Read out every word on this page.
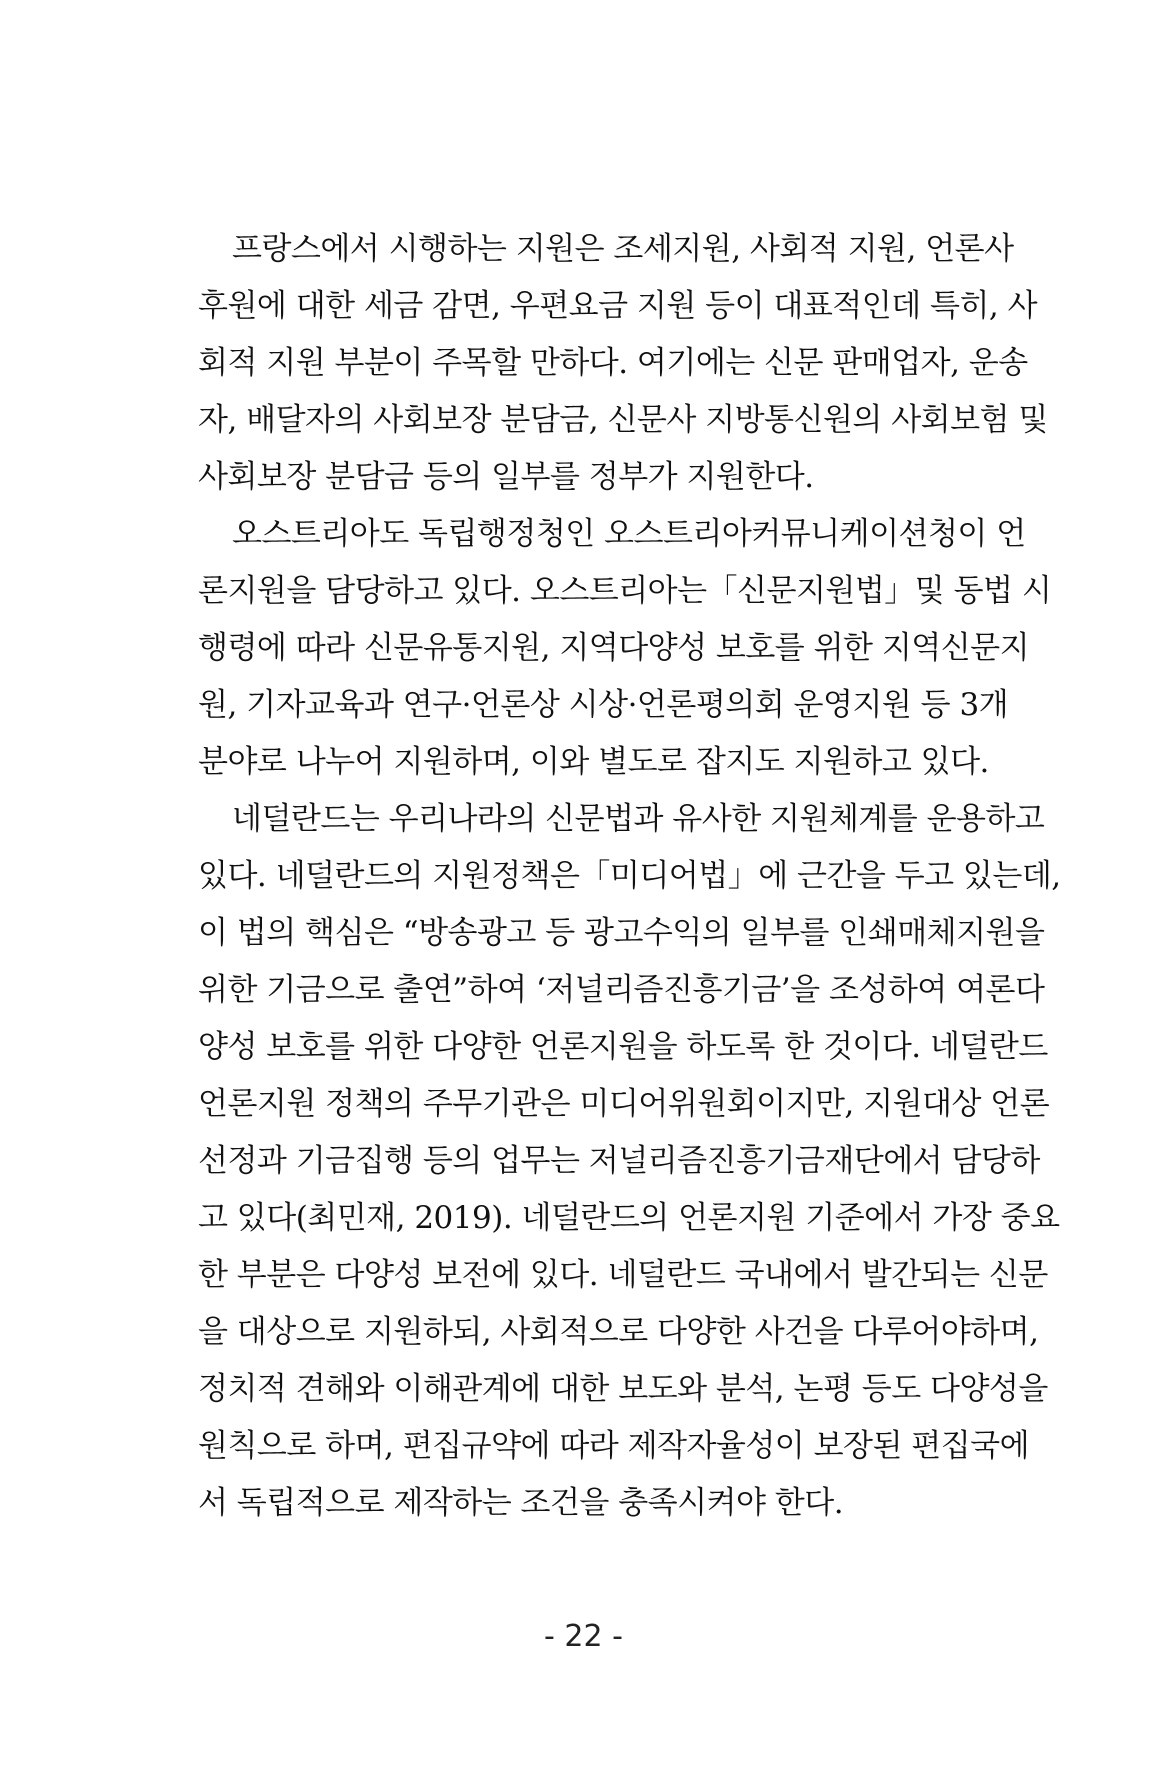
프랑스에서 시행하는 지원은 조세지원, 사회적 지원, 언론사
후원에 대한 세금 감면, 우편요금 지원 등이 대표적인데 특히, 사
회적 지원 부분이 주목할 만하다. 여기에는 신문 판매업자, 운송
자, 배달자의 사회보장 분담금, 신문사 지방통신원의 사회보험 및
사회보장 분담금 등의 일부를 정부가 지원한다.
오스트리아도 독립행정청인 오스트리아커뮤니케이션청이 언
론지원을 담당하고 있다. 오스트리아는「신문지원법」및 동법 시
행령에 따라 신문유통지원, 지역다양성 보호를 위한 지역신문지
원, 기자교육과 연구·언론상 시상·언론평의회 운영지원 등 3개
분야로 나누어 지원하며, 이와 별도로 잡지도 지원하고 있다.
네덜란드는 우리나라의 신문법과 유사한 지원체계를 운용하고
있다. 네덜란드의 지원정책은「미디어법」에 근간을 두고 있는데,
이 법의 핵심은 “방송광고 등 광고수익의 일부를 인쇄매체지원을
위한 기금으로 출연”하여 ‘저널리즘진흥기금’을 조성하여 여론다
양성 보호를 위한 다양한 언론지원을 하도록 한 것이다. 네덜란드
언론지원 정책의 주무기관은 미디어위원회이지만, 지원대상 언론
선정과 기금집행 등의 업무는 저널리즘진흥기금재단에서 담당하
고 있다(최민재, 2019). 네덜란드의 언론지원 기준에서 가장 중요
한 부분은 다양성 보전에 있다. 네덜란드 국내에서 발간되는 신문
을 대상으로 지원하되, 사회적으로 다양한 사건을 다루어야하며,
정치적 견해와 이해관계에 대한 보도와 분석, 논평 등도 다양성을
원칙으로 하며, 편집규약에 따라 제작자율성이 보장된 편집국에
서 독립적으로 제작하는 조건을 충족시켜야 한다.
- 22 -
